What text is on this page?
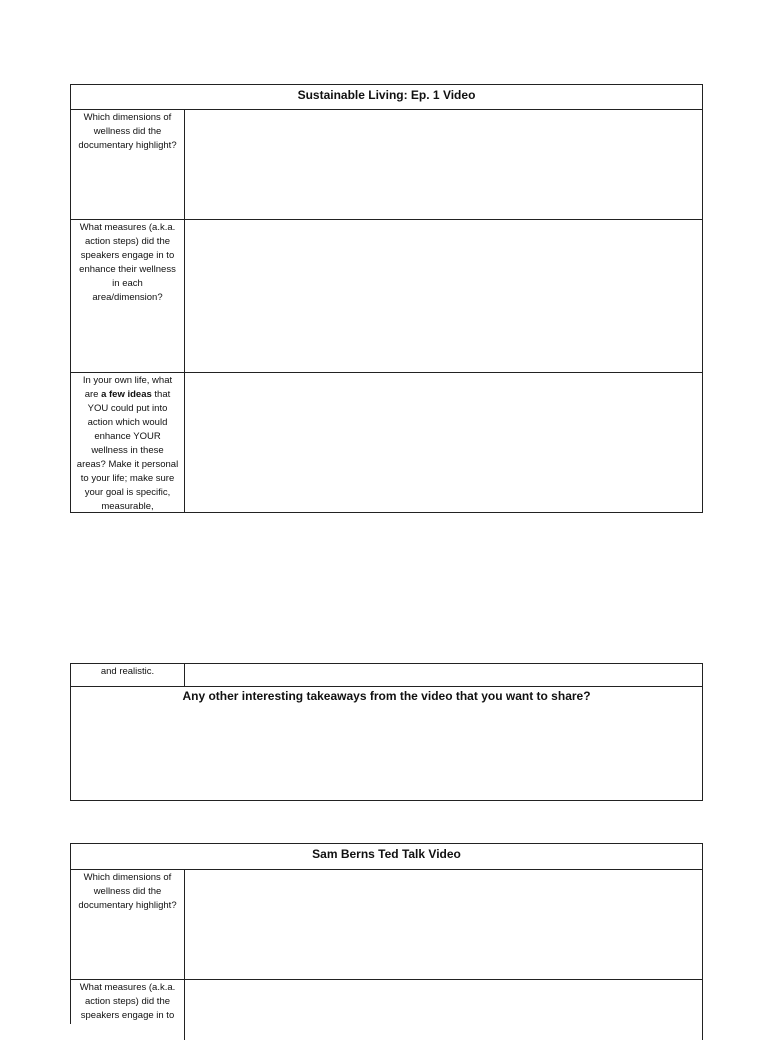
Sustainable Living: Ep. 1 Video
Which dimensions of wellness did the documentary highlight?
What measures (a.k.a. action steps) did the speakers engage in to enhance their wellness in each area/dimension?
In your own life, what are a few ideas that YOU could put into action which would enhance YOUR wellness in these areas? Make it personal to your life; make sure your goal is specific, measurable,
and realistic.
Any other interesting takeaways from the video that you want to share?
Sam Berns Ted Talk Video
Which dimensions of wellness did the documentary highlight?
What measures (a.k.a. action steps) did the speakers engage in to
